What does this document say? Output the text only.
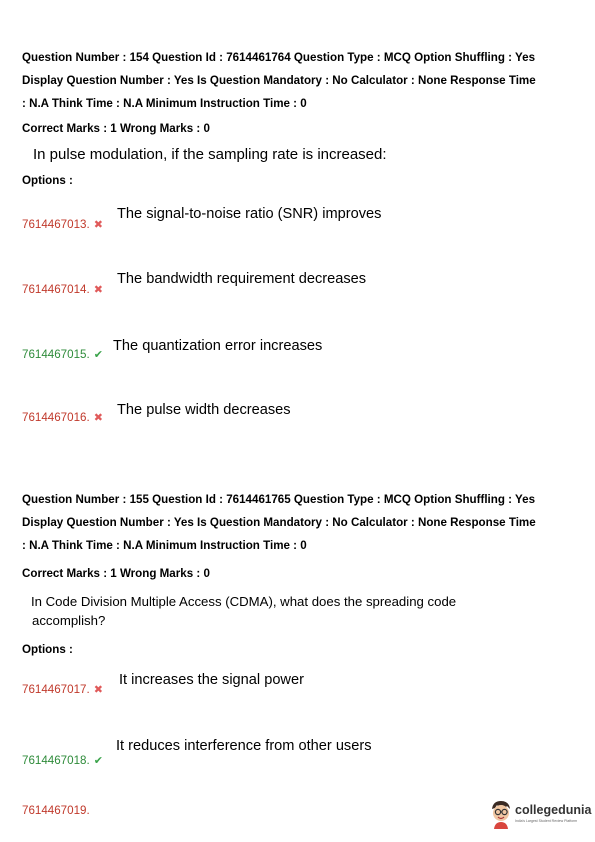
Question Number : 154 Question Id : 7614461764 Question Type : MCQ Option Shuffling : Yes
Display Question Number : Yes Is Question Mandatory : No Calculator : None Response Time
: N.A Think Time : N.A Minimum Instruction Time : 0
Correct Marks : 1 Wrong Marks : 0
In pulse modulation, if the sampling rate is increased:
Options :
7614467013. ✖
The signal-to-noise ratio (SNR) improves
7614467014. ✖
The bandwidth requirement decreases
7614467015. ✔
The quantization error increases
7614467016. ✖ The pulse width decreases
Question Number : 155 Question Id : 7614461765 Question Type : MCQ Option Shuffling : Yes
Display Question Number : Yes Is Question Mandatory : No Calculator : None Response Time
: N.A Think Time : N.A Minimum Instruction Time : 0
Correct Marks : 1 Wrong Marks : 0
In Code Division Multiple Access (CDMA), what does the spreading code
accomplish?
Options :
7614467017. ✖
It increases the signal power
7614467018. ✔
It reduces interference from other users
7614467019.	collegedunia
India's Largest Student Review Platform
